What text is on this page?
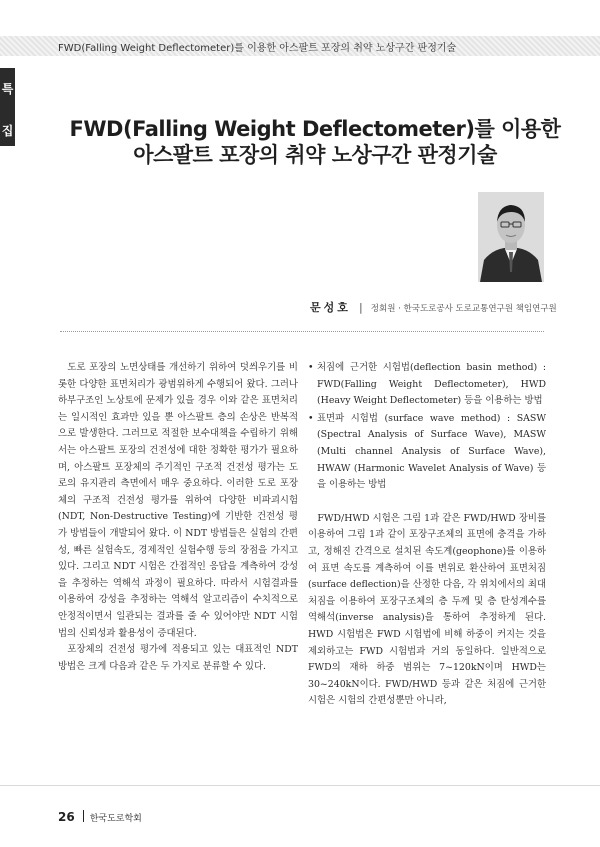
FWD(Falling Weight Deflectometer)를 이용한 아스팔트 포장의 취약 노상구간 판정기술
특
집	FWD(Falling Weight Deflectometer)를 이용한
아스팔트 포장의 취약 노상구간 판정기술
문성호 | 정회원 · 한국도로공사 도로교통연구원 책임연구원

도로 포장의 노면상태를 개선하기 위하여 덧씌우기를 비롯한 다양한 표면처리가 광범위하게 수행되어 왔다. 그러나 하부구조인 노상토에 문제가 있을 경우 이와 같은 표면처리는 일시적인 효과만 있을 뿐 아스팔트 층의 손상은 반복적으로 발생한다. 그러므로 적절한 보수대책을 수립하기 위해서는 아스팔트 포장의 건전성에 대한 정확한 평가가 필요하며, 아스팔트 포장체의 주기적인 구조적 건전성 평가는 도로의 유지관리 측면에서 매우 중요하다. 이러한 도로 포장체의 구조적 건전성 평가를 위하여 다양한 비파괴시험(NDT, Non-Destructive Testing)에 기반한 건전성 평가 방법들이 개발되어 왔다. 이 NDT 방법들은 실험의 간편성, 빠른 실험속도, 경제적인 실험수행 등의 장점을 가지고 있다. 그리고 NDT 시험은 간접적인 응답을 계측하여 강성을 추정하는 역해석 과정이 필요하다. 따라서 시험결과를 이용하여 강성을 추정하는 역해석 알고리즘이 수치적으로 안정적이면서 일관되는 결과를 줄 수 있어야만 NDT 시험법의 신뢰성과 활용성이 증대된다.

포장체의 건전성 평가에 적용되고 있는 대표적인 NDT 방법은 크게 다음과 같은 두 가지로 분류할 수 있다.

• 처짐에 근거한 시험법(deflection basin method) : FWD(Falling Weight Deflectometer), HWD (Heavy Weight Deflectometer) 등을 이용하는 방법
• 표면파 시험법 (surface wave method) : SASW (Spectral Analysis of Surface Wave), MASW (Multi channel Analysis of Surface Wave), HWAW (Harmonic Wavelet Analysis of Wave) 등을 이용하는 방법

FWD/HWD 시험은 그림 1과 같은 FWD/HWD 장비를 이용하여 그림 1과 같이 포장구조체의 표면에 충격을 가하고, 정해진 간격으로 설치된 속도계(geophone)를 이용하여 표면 속도를 계측하여 이를 변위로 환산하여 표면처짐(surface deflection)을 산정한 다음, 각 위치에서의 최대 처짐을 이용하여 포장구조체의 층 두께 및 층 탄성계수를 역해석(inverse analysis)을 통하여 추정하게 된다. HWD 시험법은 FWD 시험법에 비해 하중이 커지는 것을 제외하고는 FWD 시험법과 거의 동일하다. 일반적으로 FWD의 재하 하중 범위는 7~120kN이며 HWD는 30~240kN이다. FWD/HWD 등과 같은 처짐에 근거한 시험은 시험의 간편성뿐만 아니라,

26 한국도로학회
